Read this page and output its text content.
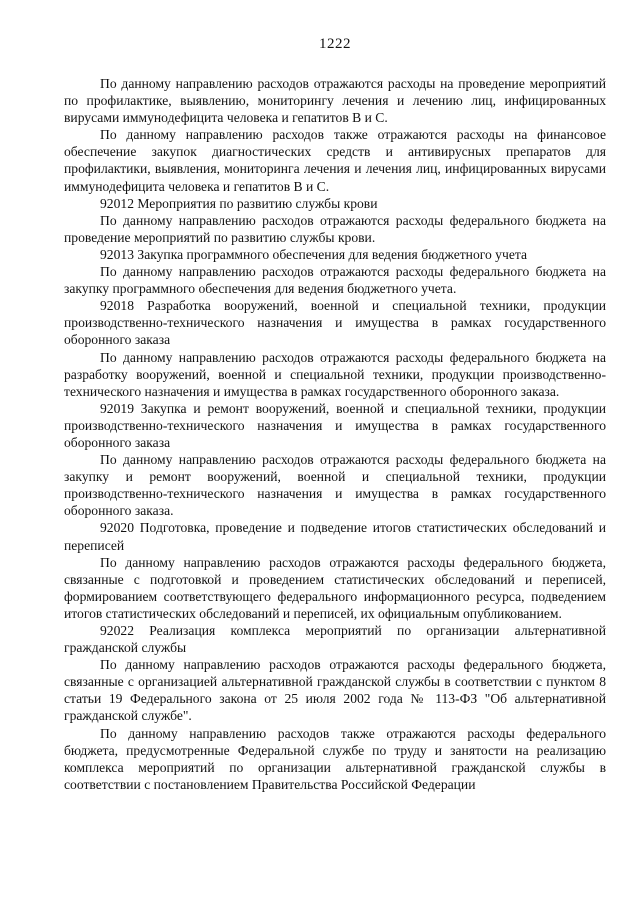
1222

По данному направлению расходов отражаются расходы на проведение мероприятий по профилактике, выявлению, мониторингу лечения и лечению лиц, инфицированных вирусами иммунодефицита человека и гепатитов B и C.

По данному направлению расходов также отражаются расходы на финансовое обеспечение закупок диагностических средств и антивирусных препаратов для профилактики, выявления, мониторинга лечения и лечения лиц, инфицированных вирусами иммунодефицита человека и гепатитов B и C.

92012 Мероприятия по развитию службы крови

По данному направлению расходов отражаются расходы федерального бюджета на проведение мероприятий по развитию службы крови.

92013 Закупка программного обеспечения для ведения бюджетного учета

По данному направлению расходов отражаются расходы федерального бюджета на закупку программного обеспечения для ведения бюджетного учета.

92018 Разработка вооружений, военной и специальной техники, продукции производственно-технического назначения и имущества в рамках государственного оборонного заказа

По данному направлению расходов отражаются расходы федерального бюджета на разработку вооружений, военной и специальной техники, продукции производственно-технического назначения и имущества в рамках государственного оборонного заказа.

92019 Закупка и ремонт вооружений, военной и специальной техники, продукции производственно-технического назначения и имущества в рамках государственного оборонного заказа

По данному направлению расходов отражаются расходы федерального бюджета на закупку и ремонт вооружений, военной и специальной техники, продукции производственно-технического назначения и имущества в рамках государственного оборонного заказа.

92020 Подготовка, проведение и подведение итогов статистических обследований и переписей

По данному направлению расходов отражаются расходы федерального бюджета, связанные с подготовкой и проведением статистических обследований и переписей, формированием соответствующего федерального информационного ресурса, подведением итогов статистических обследований и переписей, их официальным опубликованием.

92022 Реализация комплекса мероприятий по организации альтернативной гражданской службы

По данному направлению расходов отражаются расходы федерального бюджета, связанные с организацией альтернативной гражданской службы в соответствии с пунктом 8 статьи 19 Федерального закона от 25 июля 2002 года № 113-ФЗ "Об альтернативной гражданской службе".

По данному направлению расходов также отражаются расходы федерального бюджета, предусмотренные Федеральной службе по труду и занятости на реализацию комплекса мероприятий по организации альтернативной гражданской службы в соответствии с постановлением Правительства Российской Федерации
